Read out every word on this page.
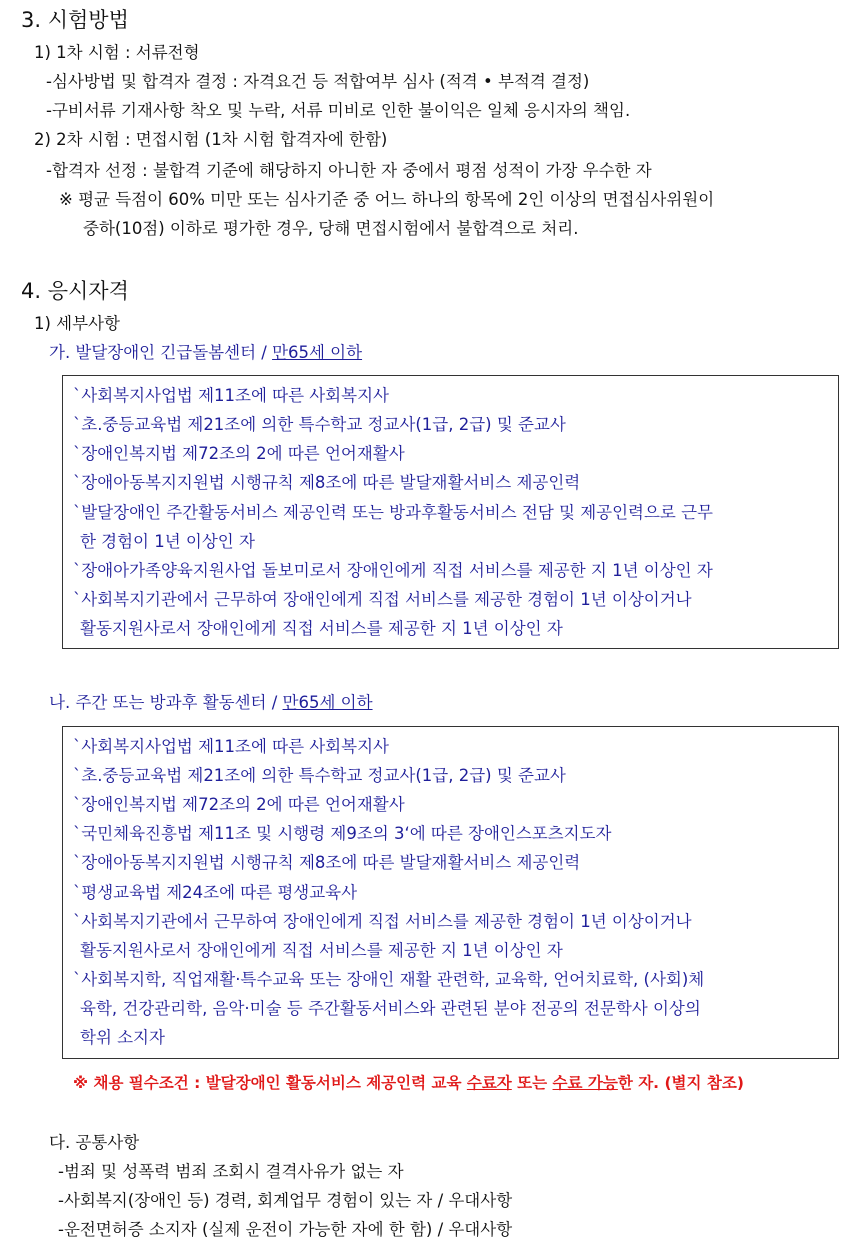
3. 시험방법
1) 1차 시험 : 서류전형
-심사방법 및 합격자 결정 : 자격요건 등 적합여부 심사 (적격 • 부적격 결정)
-구비서류 기재사항 착오 및 누락, 서류 미비로 인한 불이익은 일체 응시자의 책임.
2) 2차 시험 : 면접시험 (1차 시험 합격자에 한함)
-합격자 선정 : 불합격 기준에 해당하지 아니한 자 중에서 평점 성적이 가장 우수한 자
※ 평균 득점이 60% 미만 또는 심사기준 중 어느 하나의 항목에 2인 이상의 면접심사위원이
중하(10점) 이하로 평가한 경우, 당해 면접시험에서 불합격으로 처리.
4. 응시자격
1) 세부사항
가. 발달장애인 긴급돌봄센터 / 만65세 이하
`사회복지사업법 제11조에 따른 사회복지사
`초.중등교육법 제21조에 의한 특수학교 정교사(1급, 2급) 및 준교사
`장애인복지법 제72조의 2에 따른 언어재활사
`장애아동복지지원법 시행규칙 제8조에 따른 발달재활서비스 제공인력
`발달장애인 주간활동서비스 제공인력 또는 방과후활동서비스 전담 및 제공인력으로 근무
한 경험이 1년 이상인 자
`장애아가족양육지원사업 돌보미로서 장애인에게 직접 서비스를 제공한 지 1년 이상인 자
`사회복지기관에서 근무하여 장애인에게 직접 서비스를 제공한 경험이 1년 이상이거나
활동지원사로서 장애인에게 직접 서비스를 제공한 지 1년 이상인 자
나. 주간 또는 방과후 활동센터 / 만65세 이하
`사회복지사업법 제11조에 따른 사회복지사
`초.중등교육법 제21조에 의한 특수학교 정교사(1급, 2급) 및 준교사
`장애인복지법 제72조의 2에 따른 언어재활사
`국민체육진흥법 제11조 및 시행령 제9조의 3‘에 따른 장애인스포츠지도자
`장애아동복지지원법 시행규칙 제8조에 따른 발달재활서비스 제공인력
`평생교육법 제24조에 따른 평생교육사
`사회복지기관에서 근무하여 장애인에게 직접 서비스를 제공한 경험이 1년 이상이거나
활동지원사로서 장애인에게 직접 서비스를 제공한 지 1년 이상인 자
`사회복지학, 직업재활·특수교육 또는 장애인 재활 관련학, 교육학, 언어치료학, (사회)체
육학, 건강관리학, 음악·미술 등 주간활동서비스와 관련된 분야 전공의 전문학사 이상의
학위 소지자
※ 채용 필수조건 : 발달장애인 활동서비스 제공인력 교육 수료자 또는 수료 가능한 자. (별지 참조)
다. 공통사항
-범죄 및 성폭력 범죄 조회시 결격사유가 없는 자
-사회복지(장애인 등) 경력, 회계업무 경험이 있는 자 / 우대사항
-운전면허증 소지자 (실제 운전이 가능한 자에 한 함) / 우대사항
